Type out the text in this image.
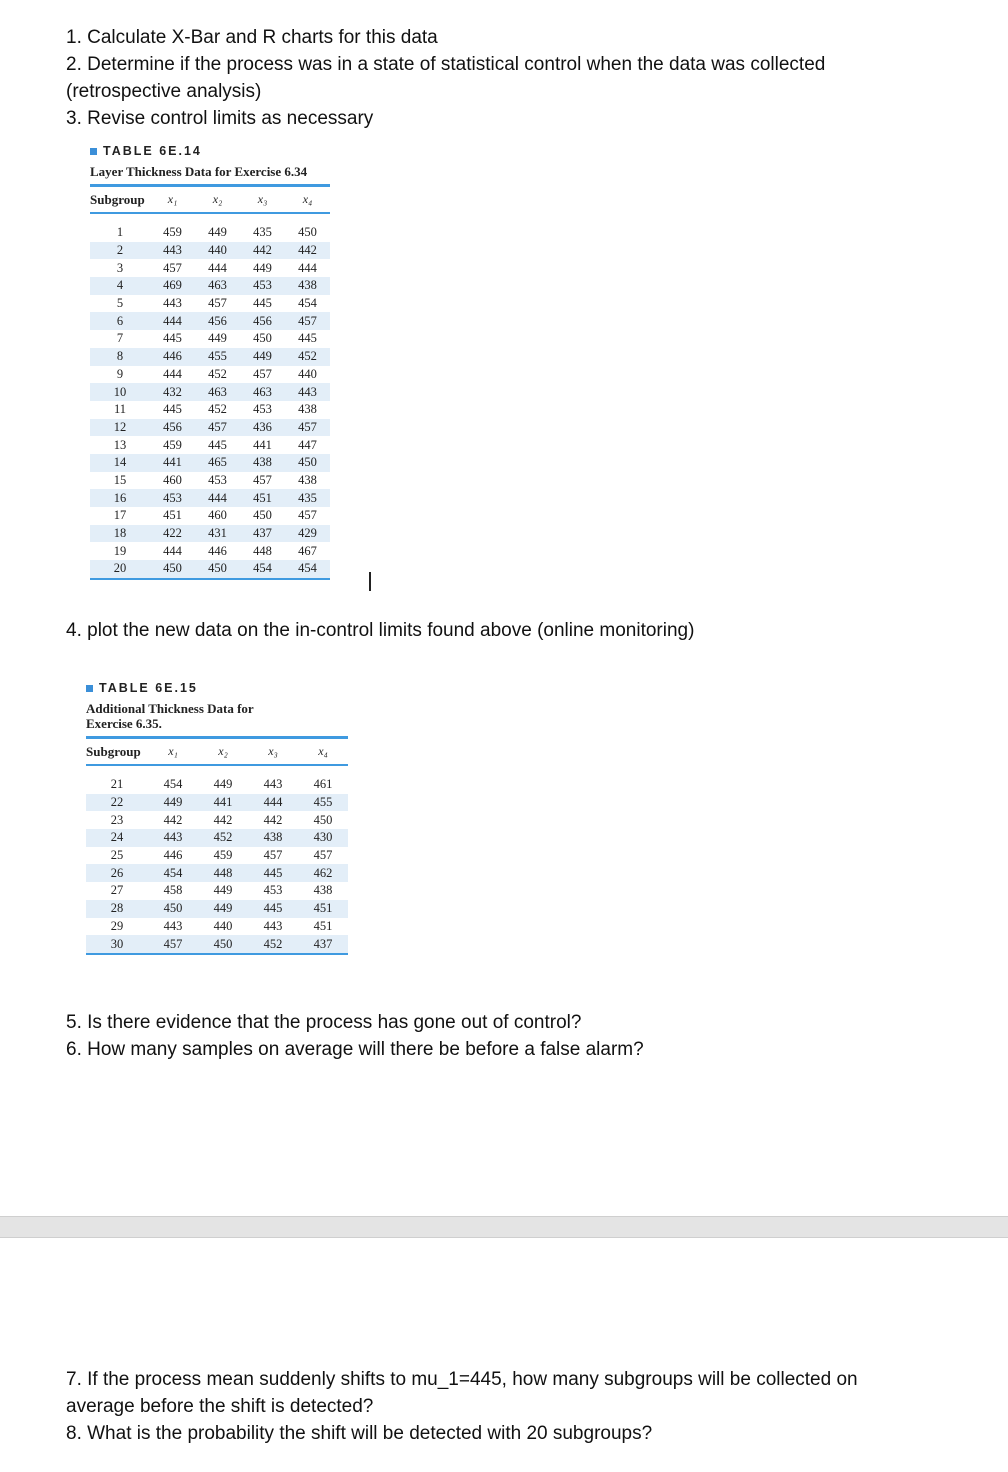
1. Calculate X-Bar and R charts for this data

2. Determine if the process was in a state of statistical control when the data was collected

(retrospective analysis)

3. Revise control limits as necessary

TABLE 6E.14
Layer Thickness Data for Exercise 6.34
Subgroup	x₁	x₂	x₃	x₄
1	459	449	435	450
2	443	440	442	442
3	457	444	449	444
4	469	463	453	438
5	443	457	445	454
6	444	456	456	457
7	445	449	450	445
8	446	455	449	452
9	444	452	457	440
10	432	463	463	443
11	445	452	453	438
12	456	457	436	457
13	459	445	441	447
14	441	465	438	450
15	460	453	457	438
16	453	444	451	435
17	451	460	450	457
18	422	431	437	429
19	444	446	448	467
20	450	450	454	454

4. plot the new data on the in-control limits found above (online monitoring)

TABLE 6E.15
Additional Thickness Data for Exercise 6.35.
Subgroup	x₁	x₂	x₃	x₄
21	454	449	443	461
22	449	441	444	455
23	442	442	442	450
24	443	452	438	430
25	446	459	457	457
26	454	448	445	462
27	458	449	453	438
28	450	449	445	451
29	443	440	443	451
30	457	450	452	437

5. Is there evidence that the process has gone out of control?

6. How many samples on average will there be before a false alarm?

7. If the process mean suddenly shifts to mu_1=445, how many subgroups will be collected on

average before the shift is detected?

8. What is the probability the shift will be detected with 20 subgroups?
